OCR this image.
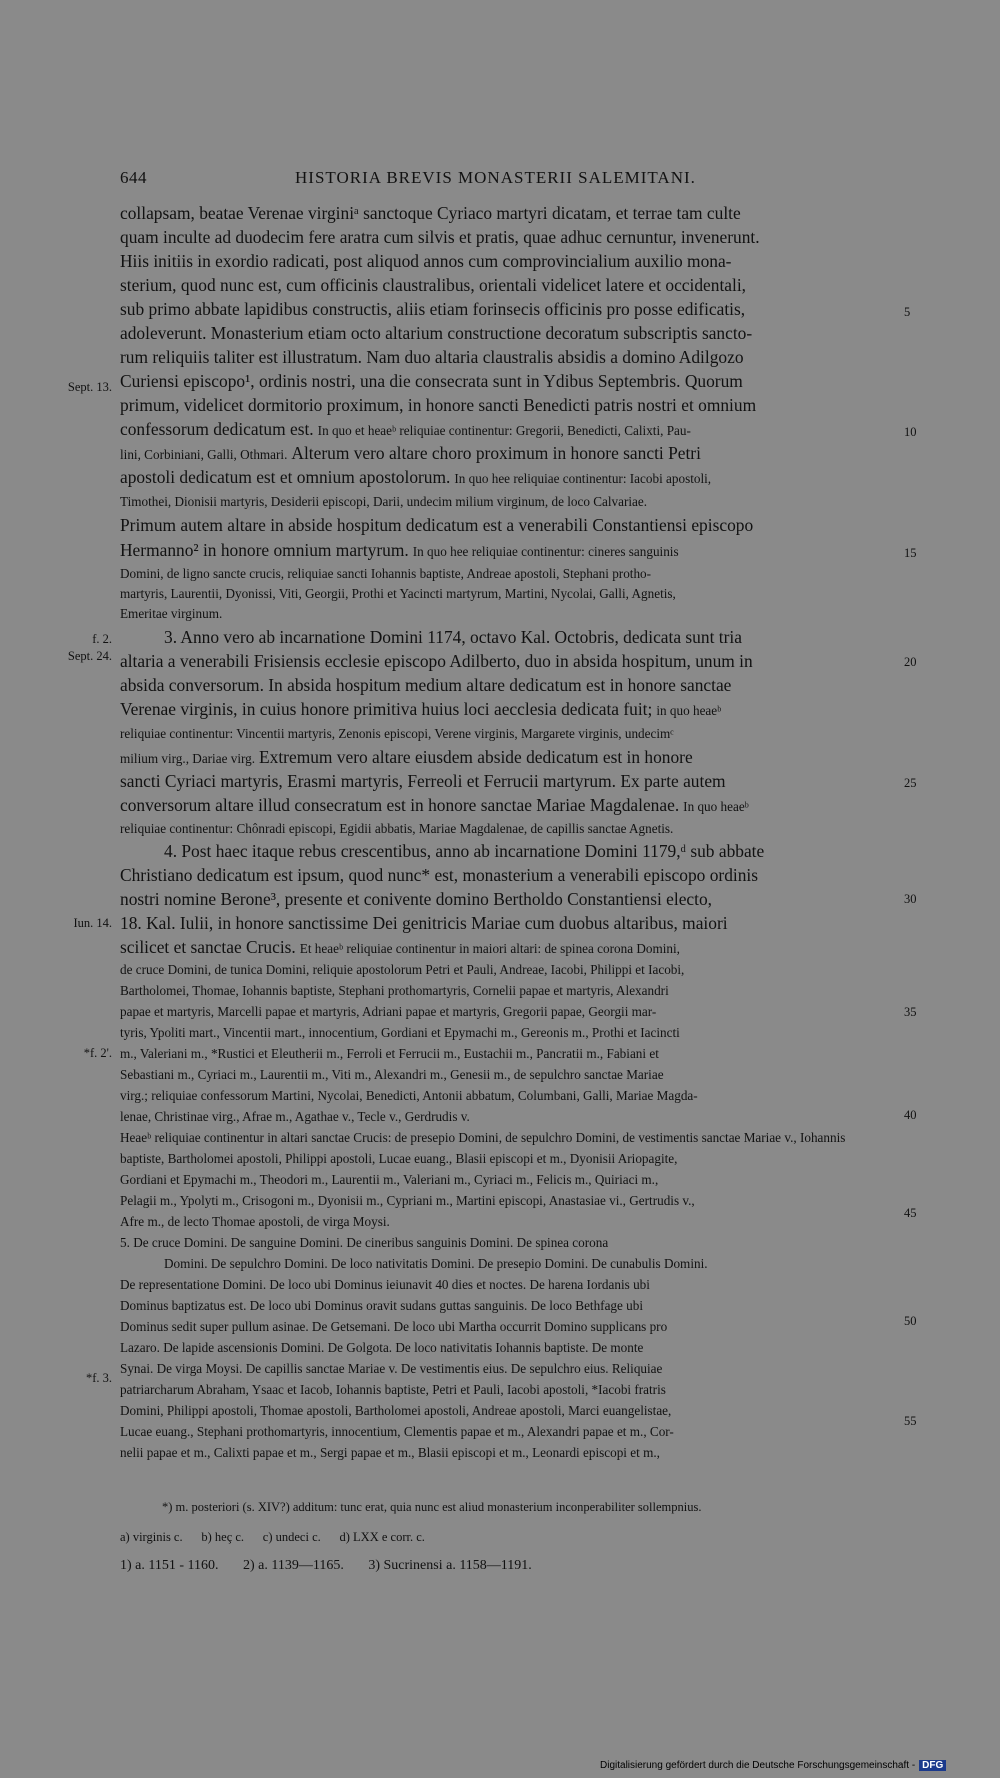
644	HISTORIA BREVIS MONASTERII SALEMITANI.
collapsam, beatae Verenae virginiᵃ sanctoque Cyriaco martyri dicatam, et terrae tam culte
quam inculte ad duodecim fere aratra cum silvis et pratis, quae adhuc cernuntur, invenerunt.
Hiis initiis in exordio radicati, post aliquod annos cum comprovincialium auxilio mona-
sterium, quod nunc est, cum officinis claustralibus, orientali videlicet latere et occidentali,
sub primo abbate lapidibus constructis, aliis etiam forinsecis officinis pro posse edificatis,
adoleverunt. Monasterium etiam octo altarium constructione decoratum subscriptis sancto-
rum reliquiis taliter est illustratum. Nam duo altaria claustralis absidis a domino Adilgozo
Curiensi episcopo¹, ordinis nostri, una die consecrata sunt in Ydibus Septembris. Quorum
primum, videlicet dormitorio proximum, in honore sancti Benedicti patris nostri et omnium
confessorum dedicatum est. In quo et heaeᵇ reliquiae continentur: Gregorii, Benedicti, Calixti, Pau-
lini, Corbiniani, Galli, Othmari. Alterum vero altare choro proximum in honore sancti Petri
apostoli dedicatum est et omnium apostolorum. In quo hee reliquiae continentur: Iacobi apostoli,
Timothei, Dionisii martyris, Desiderii episcopi, Darii, undecim milium virginum, de loco Calvariae.
Primum autem altare in abside hospitum dedicatum est a venerabili Constantiensi episcopo
Hermanno² in honore omnium martyrum. In quo hee reliquiae continentur: cineres sanguinis
Domini, de ligno sancte crucis, reliquiae sancti Iohannis baptiste, Andreae apostoli, Stephani protho-
martyris, Laurentii, Dyonissi, Viti, Georgii, Prothi et Yacincti martyrum, Martini, Nycolai, Galli, Agnetis,
Emeritae virginum.
3. Anno vero ab incarnatione Domini 1174, octavo Kal. Octobris, dedicata sunt tria
altaria a venerabili Frisiensis ecclesie episcopo Adilberto, duo in absida hospitum, unum in
absida conversorum. In absida hospitum medium altare dedicatum est in honore sanctae
Verenae virginis, in cuius honore primitiva huius loci aecclesia dedicata fuit; in quo heaeᵇ
reliquiae continentur: Vincentii martyris, Zenonis episcopi, Verene virginis, Margarete virginis, undecimᶜ
milium virg., Dariae virg. Extremum vero altare eiusdem abside dedicatum est in honore
sancti Cyriaci martyris, Erasmi martyris, Ferreoli et Ferrucii martyrum. Ex parte autem
conversorum altare illud consecratum est in honore sanctae Mariae Magdalenae. In quo heaeᵇ
reliquiae continentur: Chônradi episcopi, Egidii abbatis, Mariae Magdalenae, de capillis sanctae Agnetis.
4. Post haec itaque rebus crescentibus, anno ab incarnatione Domini 1179,ᵈ sub abbate
Christiano dedicatum est ipsum, quod nunc* est, monasterium a venerabili episcopo ordinis
nostri nomine Berone³, presente et conivente domino Bertholdo Constantiensi electo,
18. Kal. Iulii, in honore sanctissime Dei genitricis Mariae cum duobus altaribus, maiori
scilicet et sanctae Crucis. Et heaeᵇ reliquiae continentur in maiori altari: de spinea corona Domini,
de cruce Domini, de tunica Domini, reliquie apostolorum Petri et Pauli, Andreae, Iacobi, Philippi et Iacobi,
Bartholomei, Thomae, Iohannis baptiste, Stephani prothomartyris, Cornelii papae et martyris, Alexandri
papae et martyris, Marcelli papae et martyris, Adriani papae et martyris, Gregorii papae, Georgii mar-
tyris, Ypoliti mart., Vincentii mart., innocentium, Gordiani et Epymachi m., Gereonis m., Prothi et Iacincti
m., Valeriani m., *Rustici et Eleutherii m., Ferroli et Ferrucii m., Eustachii m., Pancratii m., Fabiani et
Sebastiani m., Cyriaci m., Laurentii m., Viti m., Alexandri m., Genesii m., de sepulchro sanctae Mariae
virg.; reliquiae confessorum Martini, Nycolai, Benedicti, Antonii abbatum, Columbani, Galli, Mariae Magda-
lenae, Christinae virg., Afrae m., Agathae v., Tecle v., Gerdrudis v.
Heaeᵇ reliquiae continentur in altari sanctae Crucis: de presepio Domini, de sepulchro Domini, de vestimentis sanctae Mariae v., Iohannis
baptiste, Bartholomei apostoli, Philippi apostoli, Lucae euang., Blasii episcopi et m., Dyonisii Ariopagite,
Gordiani et Epymachi m., Theodori m., Laurentii m., Valeriani m., Cyriaci m., Felicis m., Quiriaci m.,
Pelagii m., Ypolyti m., Crisogoni m., Dyonisii m., Cypriani m., Martini episcopi, Anastasiae vi., Gertrudis v.,
Afre m., de lecto Thomae apostoli, de virga Moysi.
5. De cruce Domini. De sanguine Domini. De cineribus sanguinis Domini. De spinea corona
Domini. De sepulchro Domini. De loco nativitatis Domini. De presepio Domini. De cunabulis Domini.
De representatione Domini. De loco ubi Dominus ieiunavit 40 dies et noctes. De harena Iordanis ubi
Dominus baptizatus est. De loco ubi Dominus oravit sudans guttas sanguinis. De loco Bethfage ubi
Dominus sedit super pullum asinae. De Getsemani. De loco ubi Martha occurrit Domino supplicans pro
Lazaro. De lapide ascensionis Domini. De Golgota. De loco nativitatis Iohannis baptiste. De monte
Synai. De virga Moysi. De capillis sanctae Mariae v. De vestimentis eius. De sepulchro eius. Reliquiae
patriarcharum Abraham, Ysaac et Iacob, Iohannis baptiste, Petri et Pauli, Iacobi apostoli, *Iacobi fratris
Domini, Philippi apostoli, Thomae apostoli, Bartholomei apostoli, Andreae apostoli, Marci euangelistae,
Lucae euang., Stephani prothomartyris, innocentium, Clementis papae et m., Alexandri papae et m., Cor-
nelii papae et m., Calixti papae et m., Sergi papae et m., Blasii episcopi et m., Leonardi episcopi et m.,
Sept. 13.
f. 2.
Sept. 24.
Iun. 14.
*f. 2'.
*f. 3.
5
10
15
20
25
30
35
40
45
50
55
*) m. posteriori (s. XIV?) additum: tunc erat, quia nunc est aliud monasterium inconperabiliter sollempnius.
a) virginis c. b) heç c. c) undeci c. d) LXX e corr. c.
1) a. 1151 - 1160. 2) a. 1139—1165. 3) Sucrinensi a. 1158—1191.
Digitalisierung gefördert durch die Deutsche Forschungsgemeinschaft - DFG
